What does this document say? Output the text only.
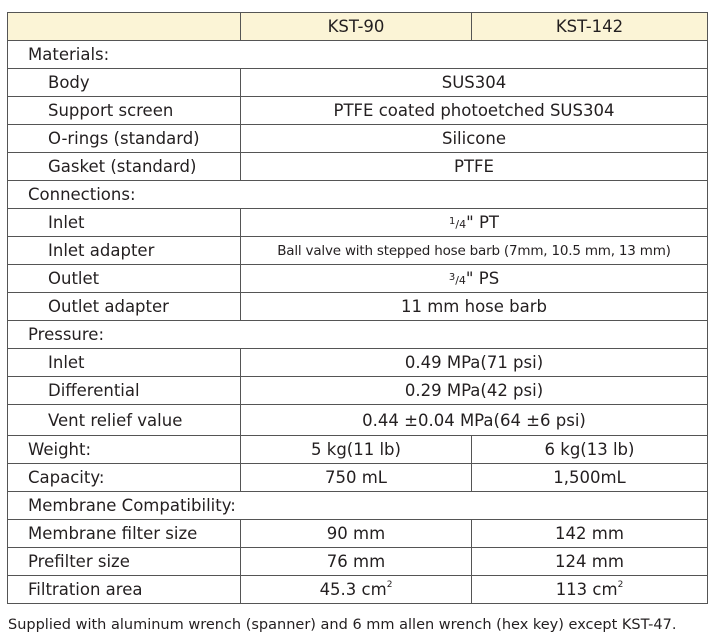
	KST-90	KST-142
Materials:		
Body	SUS304	
Support screen	PTFE coated photoetched SUS304	
O-rings (standard)	Silicone	
Gasket (standard)	PTFE	
Connections:		
Inlet	1/4" PT	
Inlet adapter	Ball valve with stepped hose barb (7mm, 10.5 mm, 13 mm)	
Outlet	3/4" PS	
Outlet adapter	11 mm hose barb	
Pressure:		
Inlet	0.49 MPa(71 psi)	
Differential	0.29 MPa(42 psi)	
Vent relief value	0.44 ±0.04 MPa(64 ±6 psi)	
Weight:	5 kg(11 lb)	6 kg(13 lb)
Capacity:	750 mL	1,500mL
Membrane Compatibility:		
Membrane filter size	90 mm	142 mm
Prefilter size	76 mm	124 mm
Filtration area	45.3 $cm^2$	113 $cm^2$
Supplied with aluminum wrench (spanner) and 6 mm allen wrench (hex key) except KST-47.
